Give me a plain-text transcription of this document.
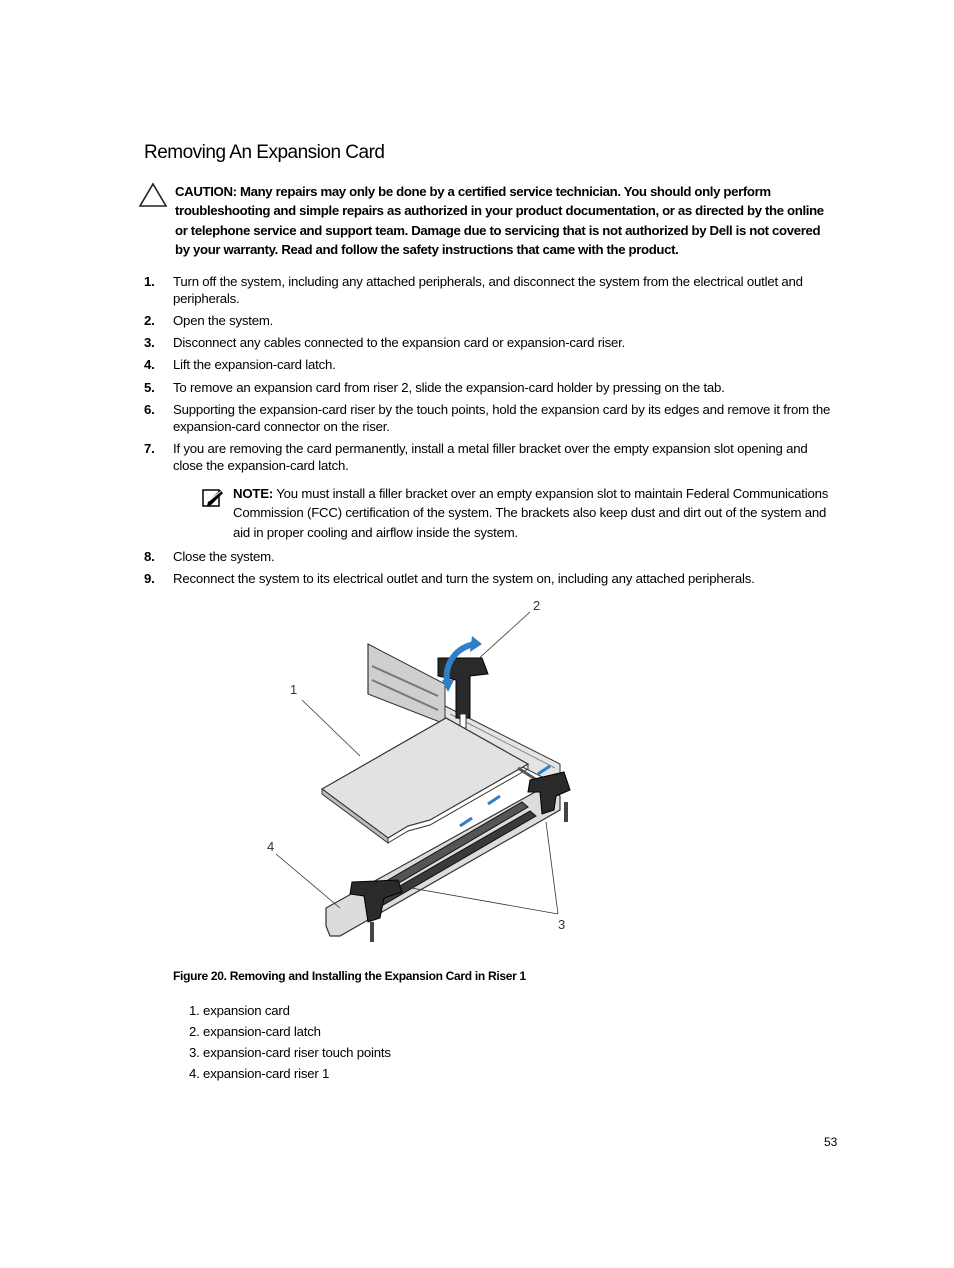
Removing An Expansion Card
CAUTION: Many repairs may only be done by a certified service technician. You should only perform troubleshooting and simple repairs as authorized in your product documentation, or as directed by the online or telephone service and support team. Damage due to servicing that is not authorized by Dell is not covered by your warranty. Read and follow the safety instructions that came with the product.
1. Turn off the system, including any attached peripherals, and disconnect the system from the electrical outlet and peripherals.
2. Open the system.
3. Disconnect any cables connected to the expansion card or expansion-card riser.
4. Lift the expansion-card latch.
5. To remove an expansion card from riser 2, slide the expansion-card holder by pressing on the tab.
6. Supporting the expansion-card riser by the touch points, hold the expansion card by its edges and remove it from the expansion-card connector on the riser.
7. If you are removing the card permanently, install a metal filler bracket over the empty expansion slot opening and close the expansion-card latch.
NOTE: You must install a filler bracket over an empty expansion slot to maintain Federal Communications Commission (FCC) certification of the system. The brackets also keep dust and dirt out of the system and aid in proper cooling and airflow inside the system.
8. Close the system.
9. Reconnect the system to its electrical outlet and turn the system on, including any attached peripherals.
1
2
3
4

Figure 20. Removing and Installing the Expansion Card in Riser 1

1. expansion card
2. expansion-card latch
3. expansion-card riser touch points
4. expansion-card riser 1
53
